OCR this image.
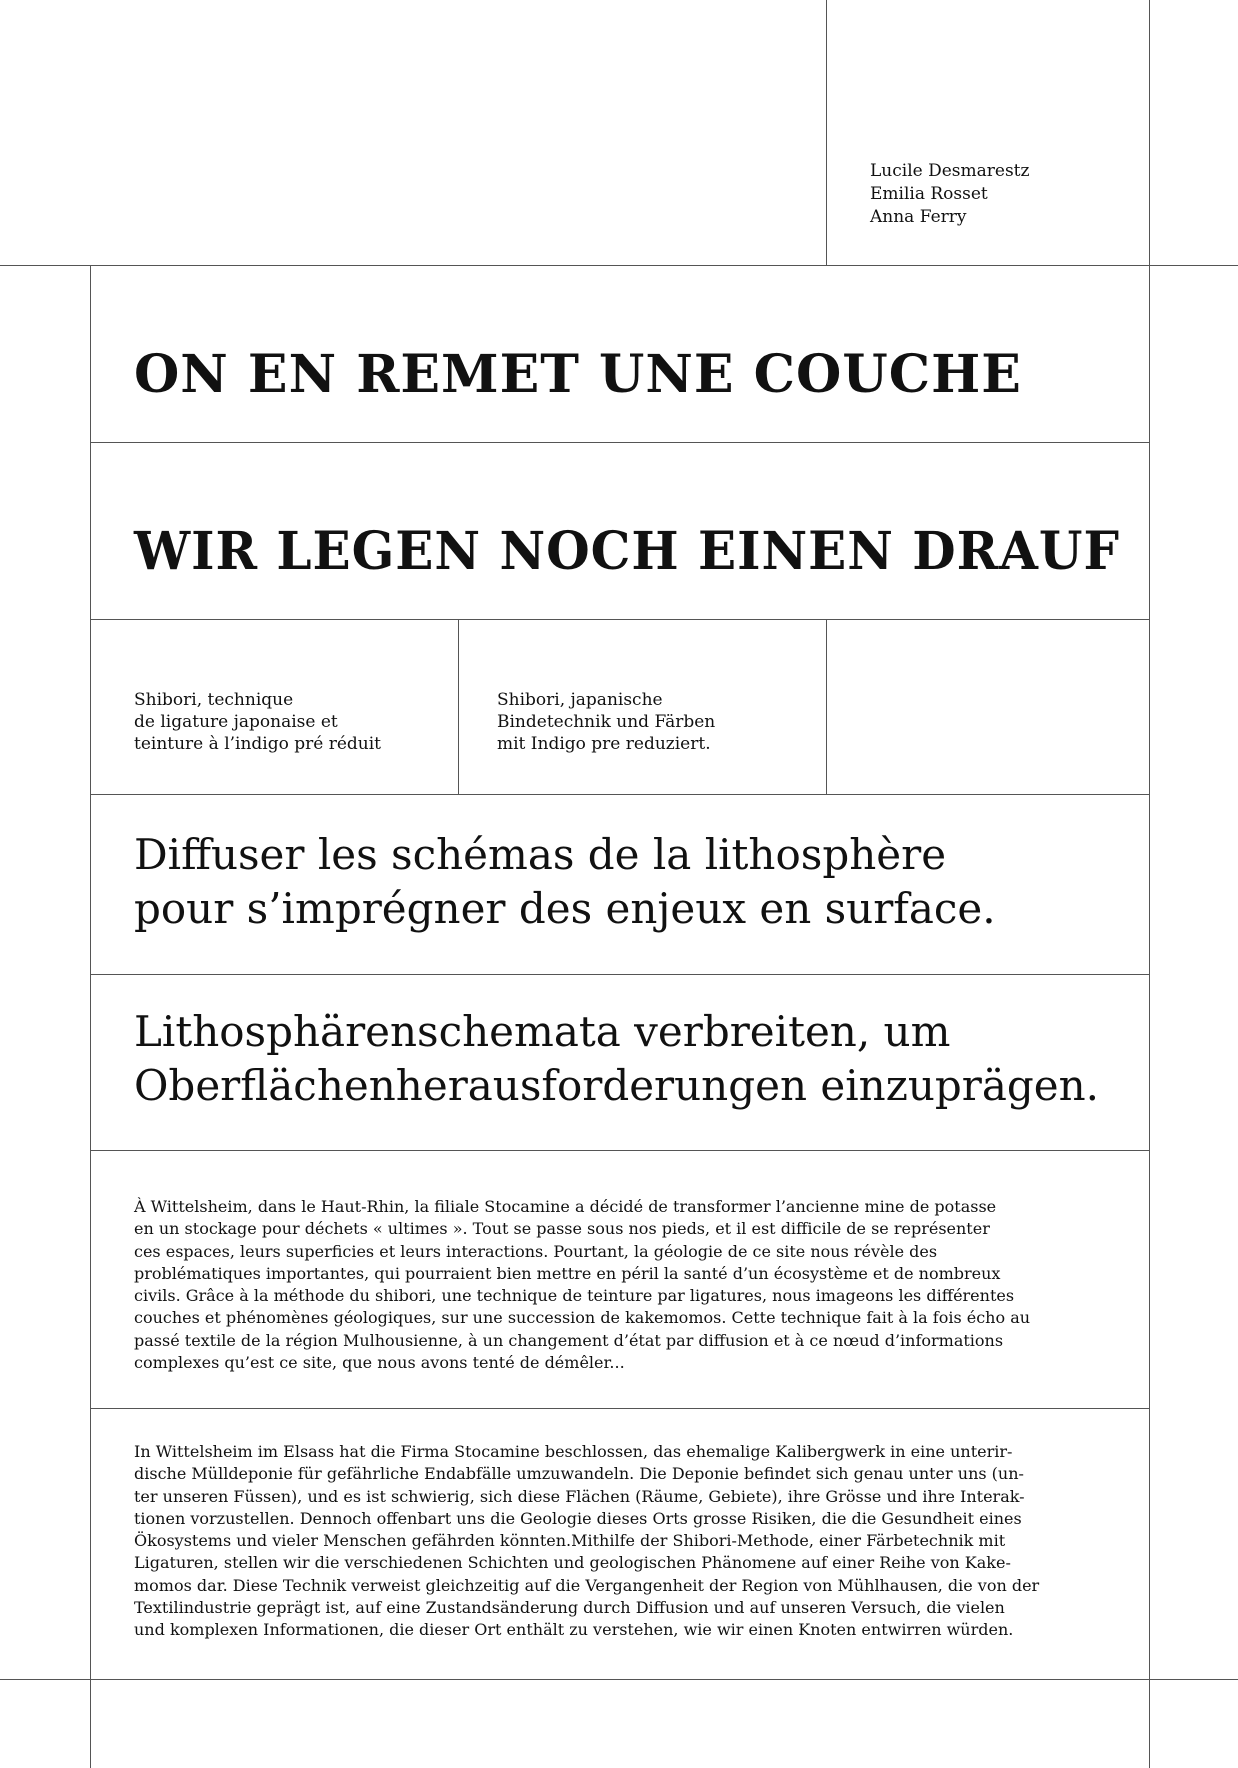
Lucile Desmarestz
Emilia Rosset
Anna Ferry
ON EN REMET UNE COUCHE
WIR LEGEN NOCH EINEN DRAUF
Shibori, technique
de ligature japonaise et
teinture à l’indigo pré réduit
Shibori, japanische
Bindetechnik und Färben
mit Indigo pre reduziert.
Diffuser les schémas de la lithosphère
pour s’imprégner des enjeux en surface.
Lithosphärenschemata verbreiten, um
Oberflächenherausforderungen einzuprägen.
À Wittelsheim, dans le Haut-Rhin, la filiale Stocamine a décidé de transformer l’ancienne mine de potasse
en un stockage pour déchets « ultimes ». Tout se passe sous nos pieds, et il est difficile de se représenter
ces espaces, leurs superficies et leurs interactions. Pourtant, la géologie de ce site nous révèle des
problématiques importantes, qui pourraient bien mettre en péril la santé d’un écosystème et de nombreux
civils. Grâce à la méthode du shibori, une technique de teinture par ligatures, nous imageons les différentes
couches et phénomènes géologiques, sur une succession de kakemomos. Cette technique fait à la fois écho au
passé textile de la région Mulhousienne, à un changement d’état par diffusion et à ce nœud d’informations
complexes qu’est ce site, que nous avons tenté de démêler...
In Wittelsheim im Elsass hat die Firma Stocamine beschlossen, das ehemalige Kalibergwerk in eine unterir-
dische Mülldeponie für gefährliche Endabfälle umzuwandeln. Die Deponie befindet sich genau unter uns (un-
ter unseren Füssen), und es ist schwierig, sich diese Flächen (Räume, Gebiete), ihre Grösse und ihre Interak-
tionen vorzustellen. Dennoch offenbart uns die Geologie dieses Orts grosse Risiken, die die Gesundheit eines
Ökosystems und vieler Menschen gefährden könnten.Mithilfe der Shibori-Methode, einer Färbetechnik mit
Ligaturen, stellen wir die verschiedenen Schichten und geologischen Phänomene auf einer Reihe von Kake-
momos dar. Diese Technik verweist gleichzeitig auf die Vergangenheit der Region von Mühlhausen, die von der
Textilindustrie geprägt ist, auf eine Zustandsänderung durch Diffusion und auf unseren Versuch, die vielen
und komplexen Informationen, die dieser Ort enthält zu verstehen, wie wir einen Knoten entwirren würden.
